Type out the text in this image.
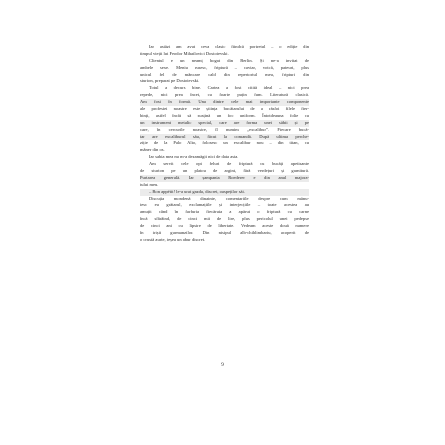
Iar astăzi am avut ceva clasic fiindcă portretul – o ediție din
timpul vieții lui Feodor Mihailovici Dostoievski.
Clientul e un neamț bogat din Berlin. Și ne-a invitat de
ambele sexe. Meniu rusesc, friptură – caviar, votcă, pateuri, plus
unicul fel de mâncare cald din repertoriul meu, fripturi din
sturion, preparat pe Dostoievski.
Totul a decurs bine. Cartea a fost citită ideal – nici prea
repede, nici prea încet, cu foarte puțin fum. Literatură clasică.
Am fost în formă. Una dintre cele mai importante componente
ale profesiei noastre este știința bucătarului de a răsfoi filele fier-
binți, astfel încât să susțină un foc uniform. Întotdeauna folie cu
un instrument metalic special, care are forma unei săbii și pe
care, în cercurile noastre, îl numim „excalibur”. Fiecare bucă-
tar are excaliburul său, făcut la comandă. După ultima perche-
ziție de la Palo Alto, folosesc un excalibur nou – din titan, cu
mâner din os.
Iar sabia mea nu m-a dezamăgit nici de data asta.
Am servit cele opt feluri de friptură cu bucăți apetisante
de sturion pe un platou de argint, fără verdețuri și garnitură.
Purtarea generală. Iar șampania Roederer e din anul majora-
tului meu.
– Bon appétit! le-a urat gazda, discret, oaspeților săi.
Discuția mondenă dinainte, comentariile despre cum mănu-
iesc eu grătarul, exclamațiile și interjecțiile – toate acestea au
amuțit când în farfuria fiecăruia a apărut o friptură cu carne
încă sfârâind, de cinci mii de lire, plus pericolul unei pedepse
de cinci ani cu lipsire de libertate. Vedeam aceste două numere
în irișii gurmanzilor. Din nisipul alb-chihlimbariu, acoperit de
o crustă aurie, ieșea un abur discret.
9
